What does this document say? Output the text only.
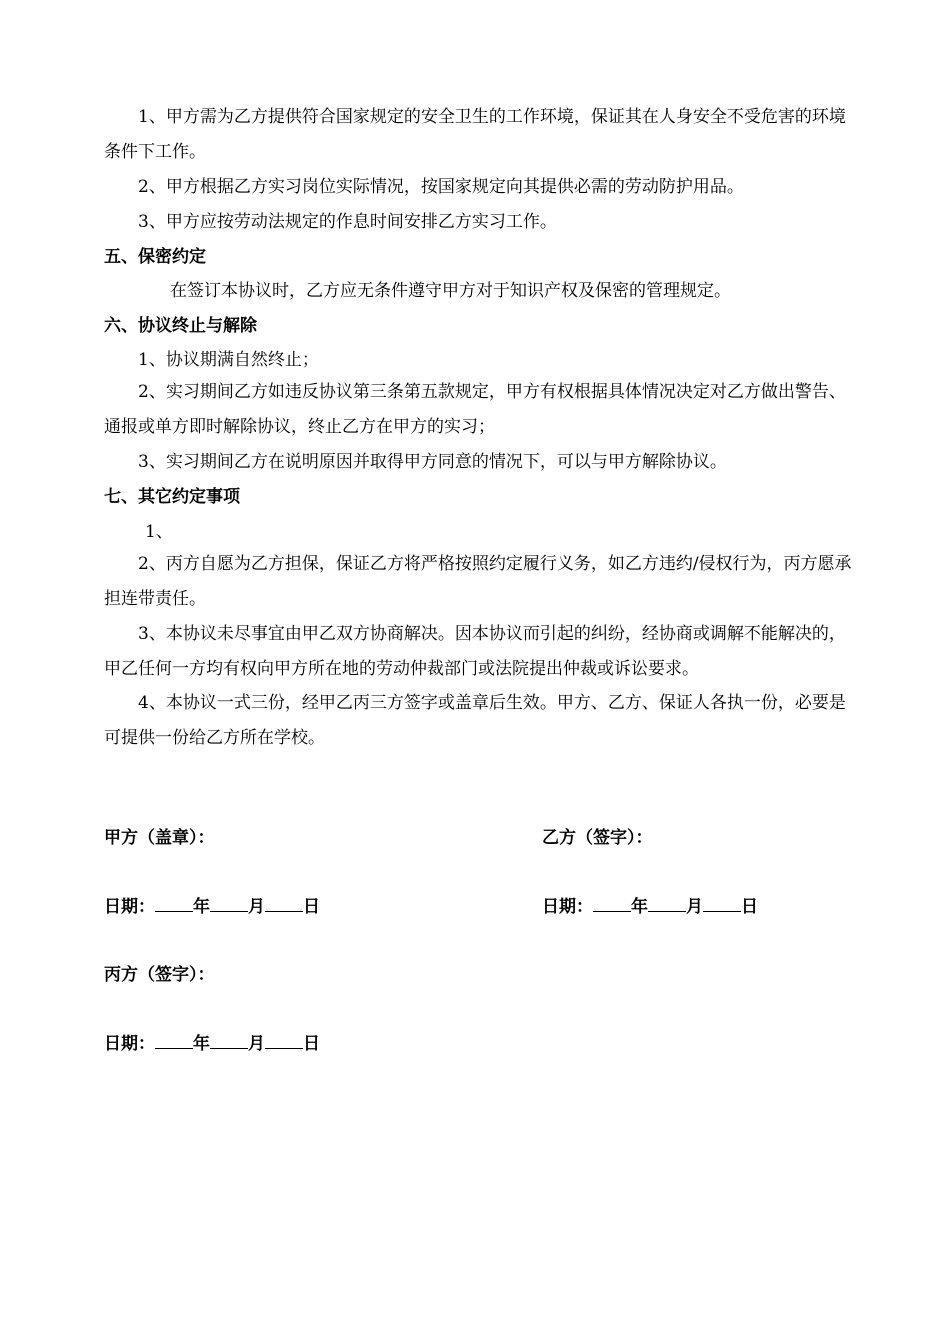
1、甲方需为乙方提供符合国家规定的安全卫生的工作环境，保证其在人身安全不受危害的环境条件下工作。

2、甲方根据乙方实习岗位实际情况，按国家规定向其提供必需的劳动防护用品。

3、甲方应按劳动法规定的作息时间安排乙方实习工作。

五、保密约定

在签订本协议时，乙方应无条件遵守甲方对于知识产权及保密的管理规定。

六、协议终止与解除

1、协议期满自然终止；

2、实习期间乙方如违反协议第三条第五款规定，甲方有权根据具体情况决定对乙方做出警告、通报或单方即时解除协议，终止乙方在甲方的实习；

3、实习期间乙方在说明原因并取得甲方同意的情况下，可以与甲方解除协议。

七、其它约定事项

1、

2、丙方自愿为乙方担保，保证乙方将严格按照约定履行义务，如乙方违约/侵权行为，丙方愿承担连带责任。

3、本协议未尽事宜由甲乙双方协商解决。因本协议而引起的纠纷，经协商或调解不能解决的，甲乙任何一方均有权向甲方所在地的劳动仲裁部门或法院提出仲裁或诉讼要求。

4、本协议一式三份，经甲乙丙三方签字或盖章后生效。甲方、乙方、保证人各执一份，必要是可提供一份给乙方所在学校。

甲方（盖章）：	乙方（签字）：
日期： 年 月 日	日期： 年 月 日
丙方（签字）：
日期： 年 月 日
